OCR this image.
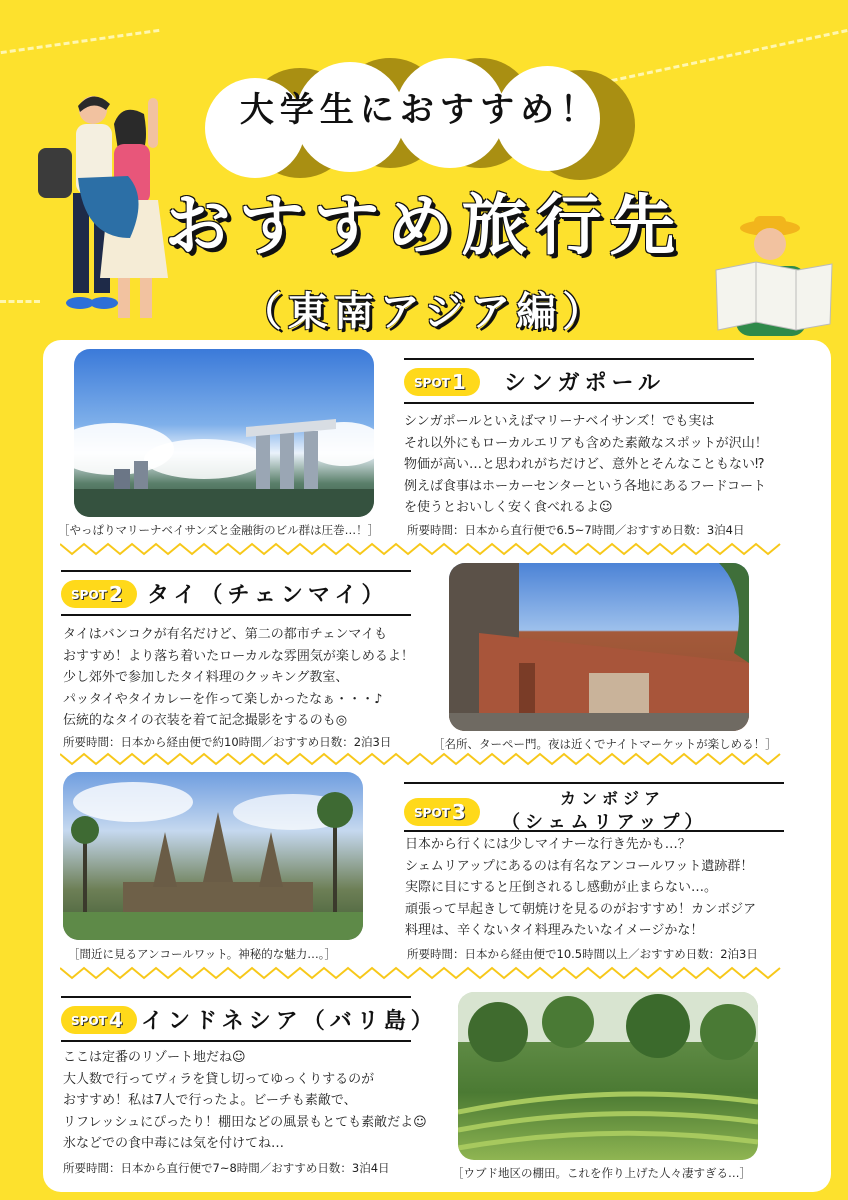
大学生におすすめ！
おすすめ旅行先
（東南アジア編）
［やっぱりマリーナベイサンズと金融街のビル群は圧巻…！］
SPOT 1	シンガポール
シンガポールといえばマリーナベイサンズ！でも実は
それ以外にもローカルエリアも含めた素敵なスポットが沢山！
物価が高い…と思われがちだけど、意外とそんなこともない⁉
例えば食事はホーカーセンターという各地にあるフードコート
を使うとおいしく安く食べれるよ☺
所要時間：日本から直行便で6.5~7時間／おすすめ日数：3泊4日
SPOT 2	タイ（チェンマイ）
タイはバンコクが有名だけど、第二の都市チェンマイも
おすすめ！より落ち着いたローカルな雰囲気が楽しめるよ！
少し郊外で参加したタイ料理のクッキング教室、
パッタイやタイカレーを作って楽しかったなぁ・・・♪
伝統的なタイの衣装を着て記念撮影をするのも◎
所要時間：日本から経由便で約10時間／おすすめ日数：2泊3日	［名所、ターペー門。夜は近くでナイトマーケットが楽しめる！］
［間近に見るアンコールワット。神秘的な魅力…。］
SPOT 3
カンボジア
（シェムリアップ）
日本から行くには少しマイナーな行き先かも…？
シェムリアップにあるのは有名なアンコールワット遺跡群！
実際に目にすると圧倒されるし感動が止まらない…。
頑張って早起きして朝焼けを見るのがおすすめ！カンボジア
料理は、辛くないタイ料理みたいなイメージかな！
所要時間：日本から経由便で10.5時間以上／おすすめ日数：2泊3日
SPOT 4 インドネシア（バリ島）
ここは定番のリゾート地だね☺
大人数で行ってヴィラを貸し切ってゆっくりするのが
おすすめ！私は7人で行ったよ。ビーチも素敵で、
リフレッシュにぴったり！棚田などの風景もとても素敵だよ☺
氷などでの食中毒には気を付けてね…
所要時間：日本から直行便で7~8時間／おすすめ日数：3泊4日	［ウブド地区の棚田。これを作り上げた人々凄すぎる…］
